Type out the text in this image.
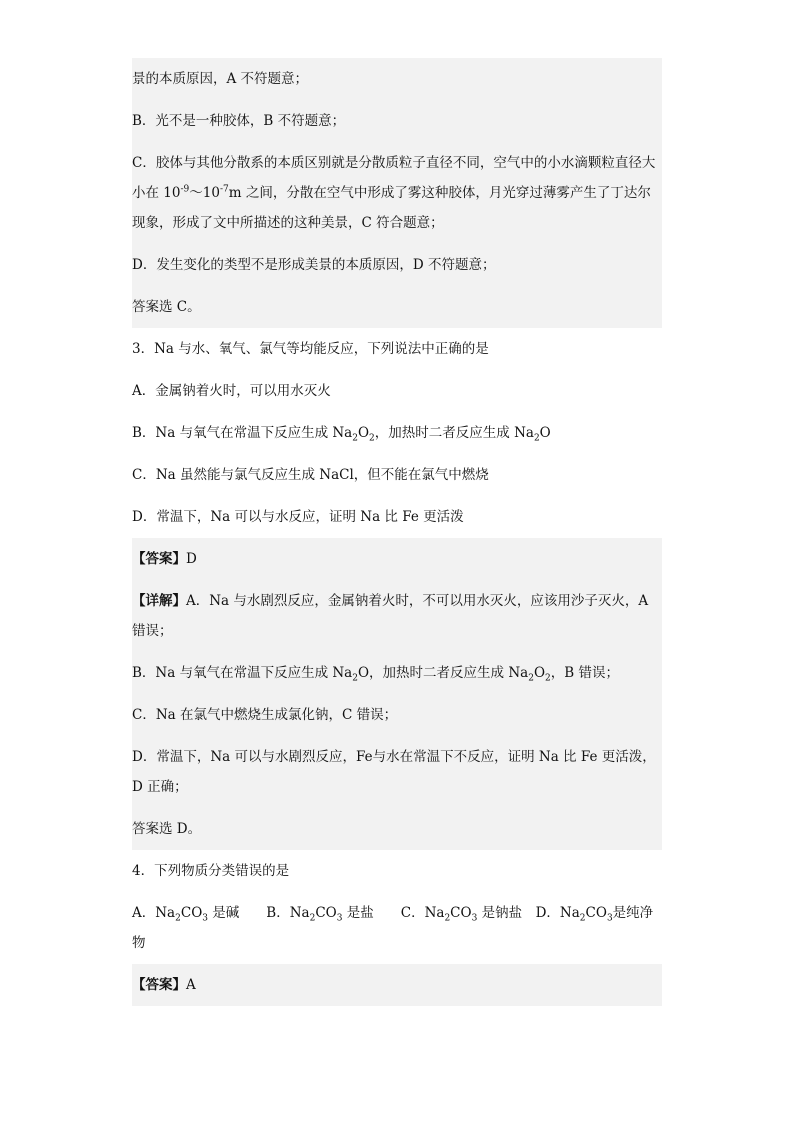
景的本质原因，A 不符题意；

B．光不是一种胶体，B 不符题意；

C．胶体与其他分散系的本质区别就是分散质粒子直径不同，空气中的小水滴颗粒直径大小在 $10^{-9}\sim 10^{-7}m$ 之间，分散在空气中形成了雾这种胶体，月光穿过薄雾产生了丁达尔现象，形成了文中所描述的这种美景，C 符合题意；

D．发生变化的类型不是形成美景的本质原因，D 不符题意；

答案选 C。

3．Na 与水、氧气、氯气等均能反应，下列说法中正确的是

A．金属钠着火时，可以用水灭火

B．Na 与氧气在常温下反应生成 $Na_2O_2$，加热时二者反应生成 $Na_2O$

C．Na 虽然能与氯气反应生成 NaCl，但不能在氯气中燃烧

D．常温下，Na 可以与水反应，证明 Na 比 Fe 更活泼

【答案】D

【详解】A．Na 与水剧烈反应，金属钠着火时，不可以用水灭火，应该用沙子灭火，A 错误；

B．Na 与氧气在常温下反应生成 $Na_2O$，加热时二者反应生成 $Na_2O_2$，B 错误；

C．Na 在氯气中燃烧生成氯化钠，C 错误；

D．常温下，Na 可以与水剧烈反应，Fe与水在常温下不反应，证明 Na 比 Fe 更活泼，D 正确；

答案选 D。

4．下列物质分类错误的是

A．$Na_2CO_3$ 是碱　　B．$Na_2CO_3$ 是盐　　C．$Na_2CO_3$ 是钠盐　D．$Na_2CO_3$是纯净物

【答案】A
